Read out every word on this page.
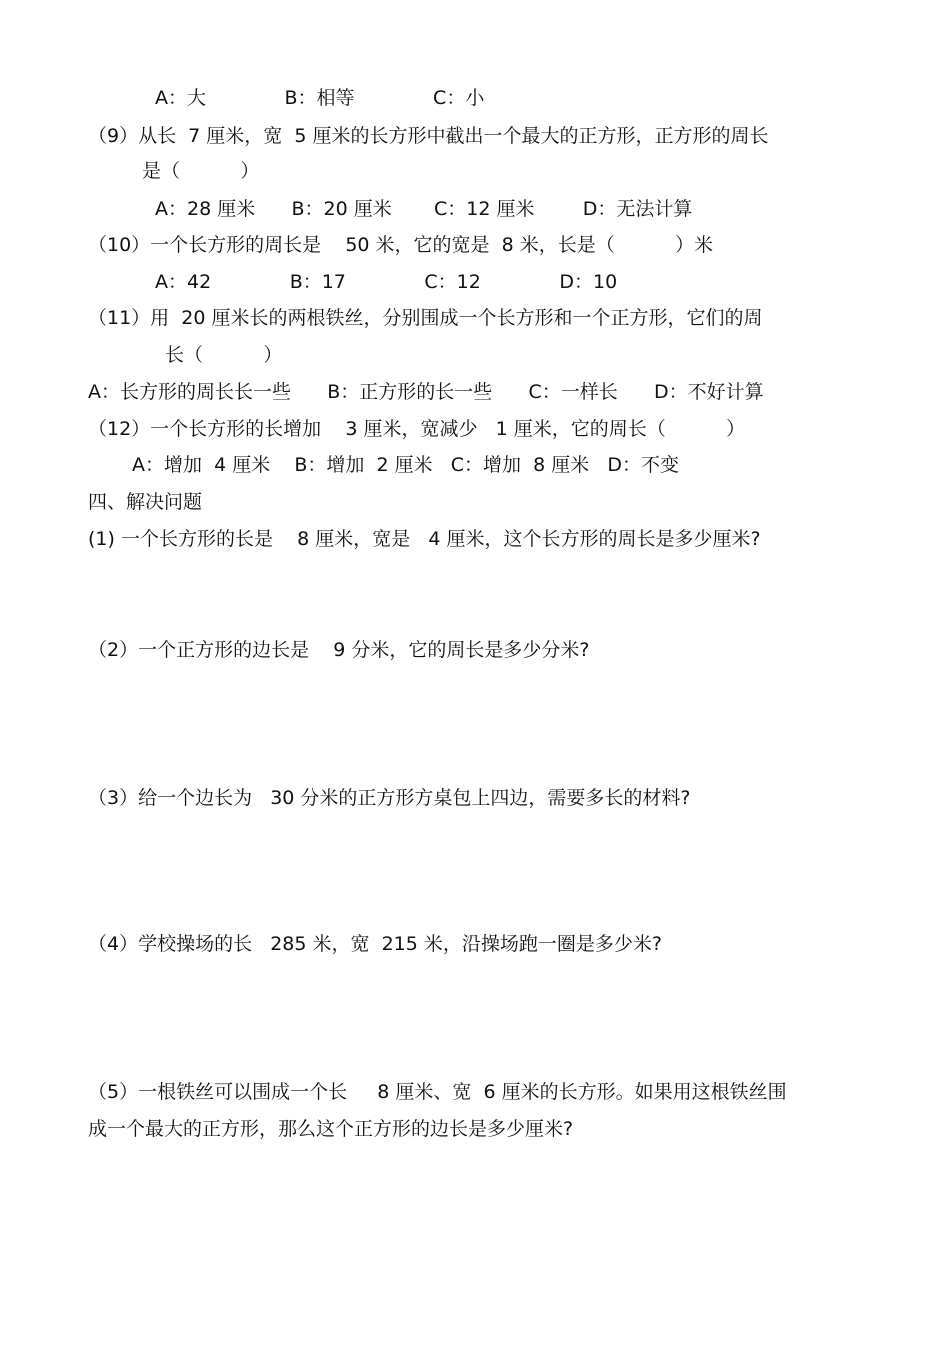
A：大             B：相等             C：小
（9）从长  7 厘米，宽  5 厘米的长方形中截出一个最大的正方形，正方形的周长
是（          ）
A：28 厘米      B：20 厘米       C：12 厘米        D：无法计算
（10）一个长方形的周长是    50 米，它的宽是  8 米，长是（          ）米
A：42             B：17             C：12             D：10
（11）用  20 厘米长的两根铁丝，分别围成一个长方形和一个正方形，它们的周
长（          ）
A：长方形的周长长一些      B：正方形的长一些      C：一样长      D：不好计算
（12）一个长方形的长增加    3 厘米，宽减少   1 厘米，它的周长（          ）
A：增加  4 厘米    B：增加  2 厘米   C：增加  8 厘米   D：不变
四、解决问题
(1) 一个长方形的长是    8 厘米，宽是   4 厘米，这个长方形的周长是多少厘米?
（2）一个正方形的边长是    9 分米，它的周长是多少分米?
（3）给一个边长为   30 分米的正方形方桌包上四边，需要多长的材料?
（4）学校操场的长   285 米，宽  215 米，沿操场跑一圈是多少米?
（5）一根铁丝可以围成一个长     8 厘米、宽  6 厘米的长方形。如果用这根铁丝围
成一个最大的正方形，那么这个正方形的边长是多少厘米?
